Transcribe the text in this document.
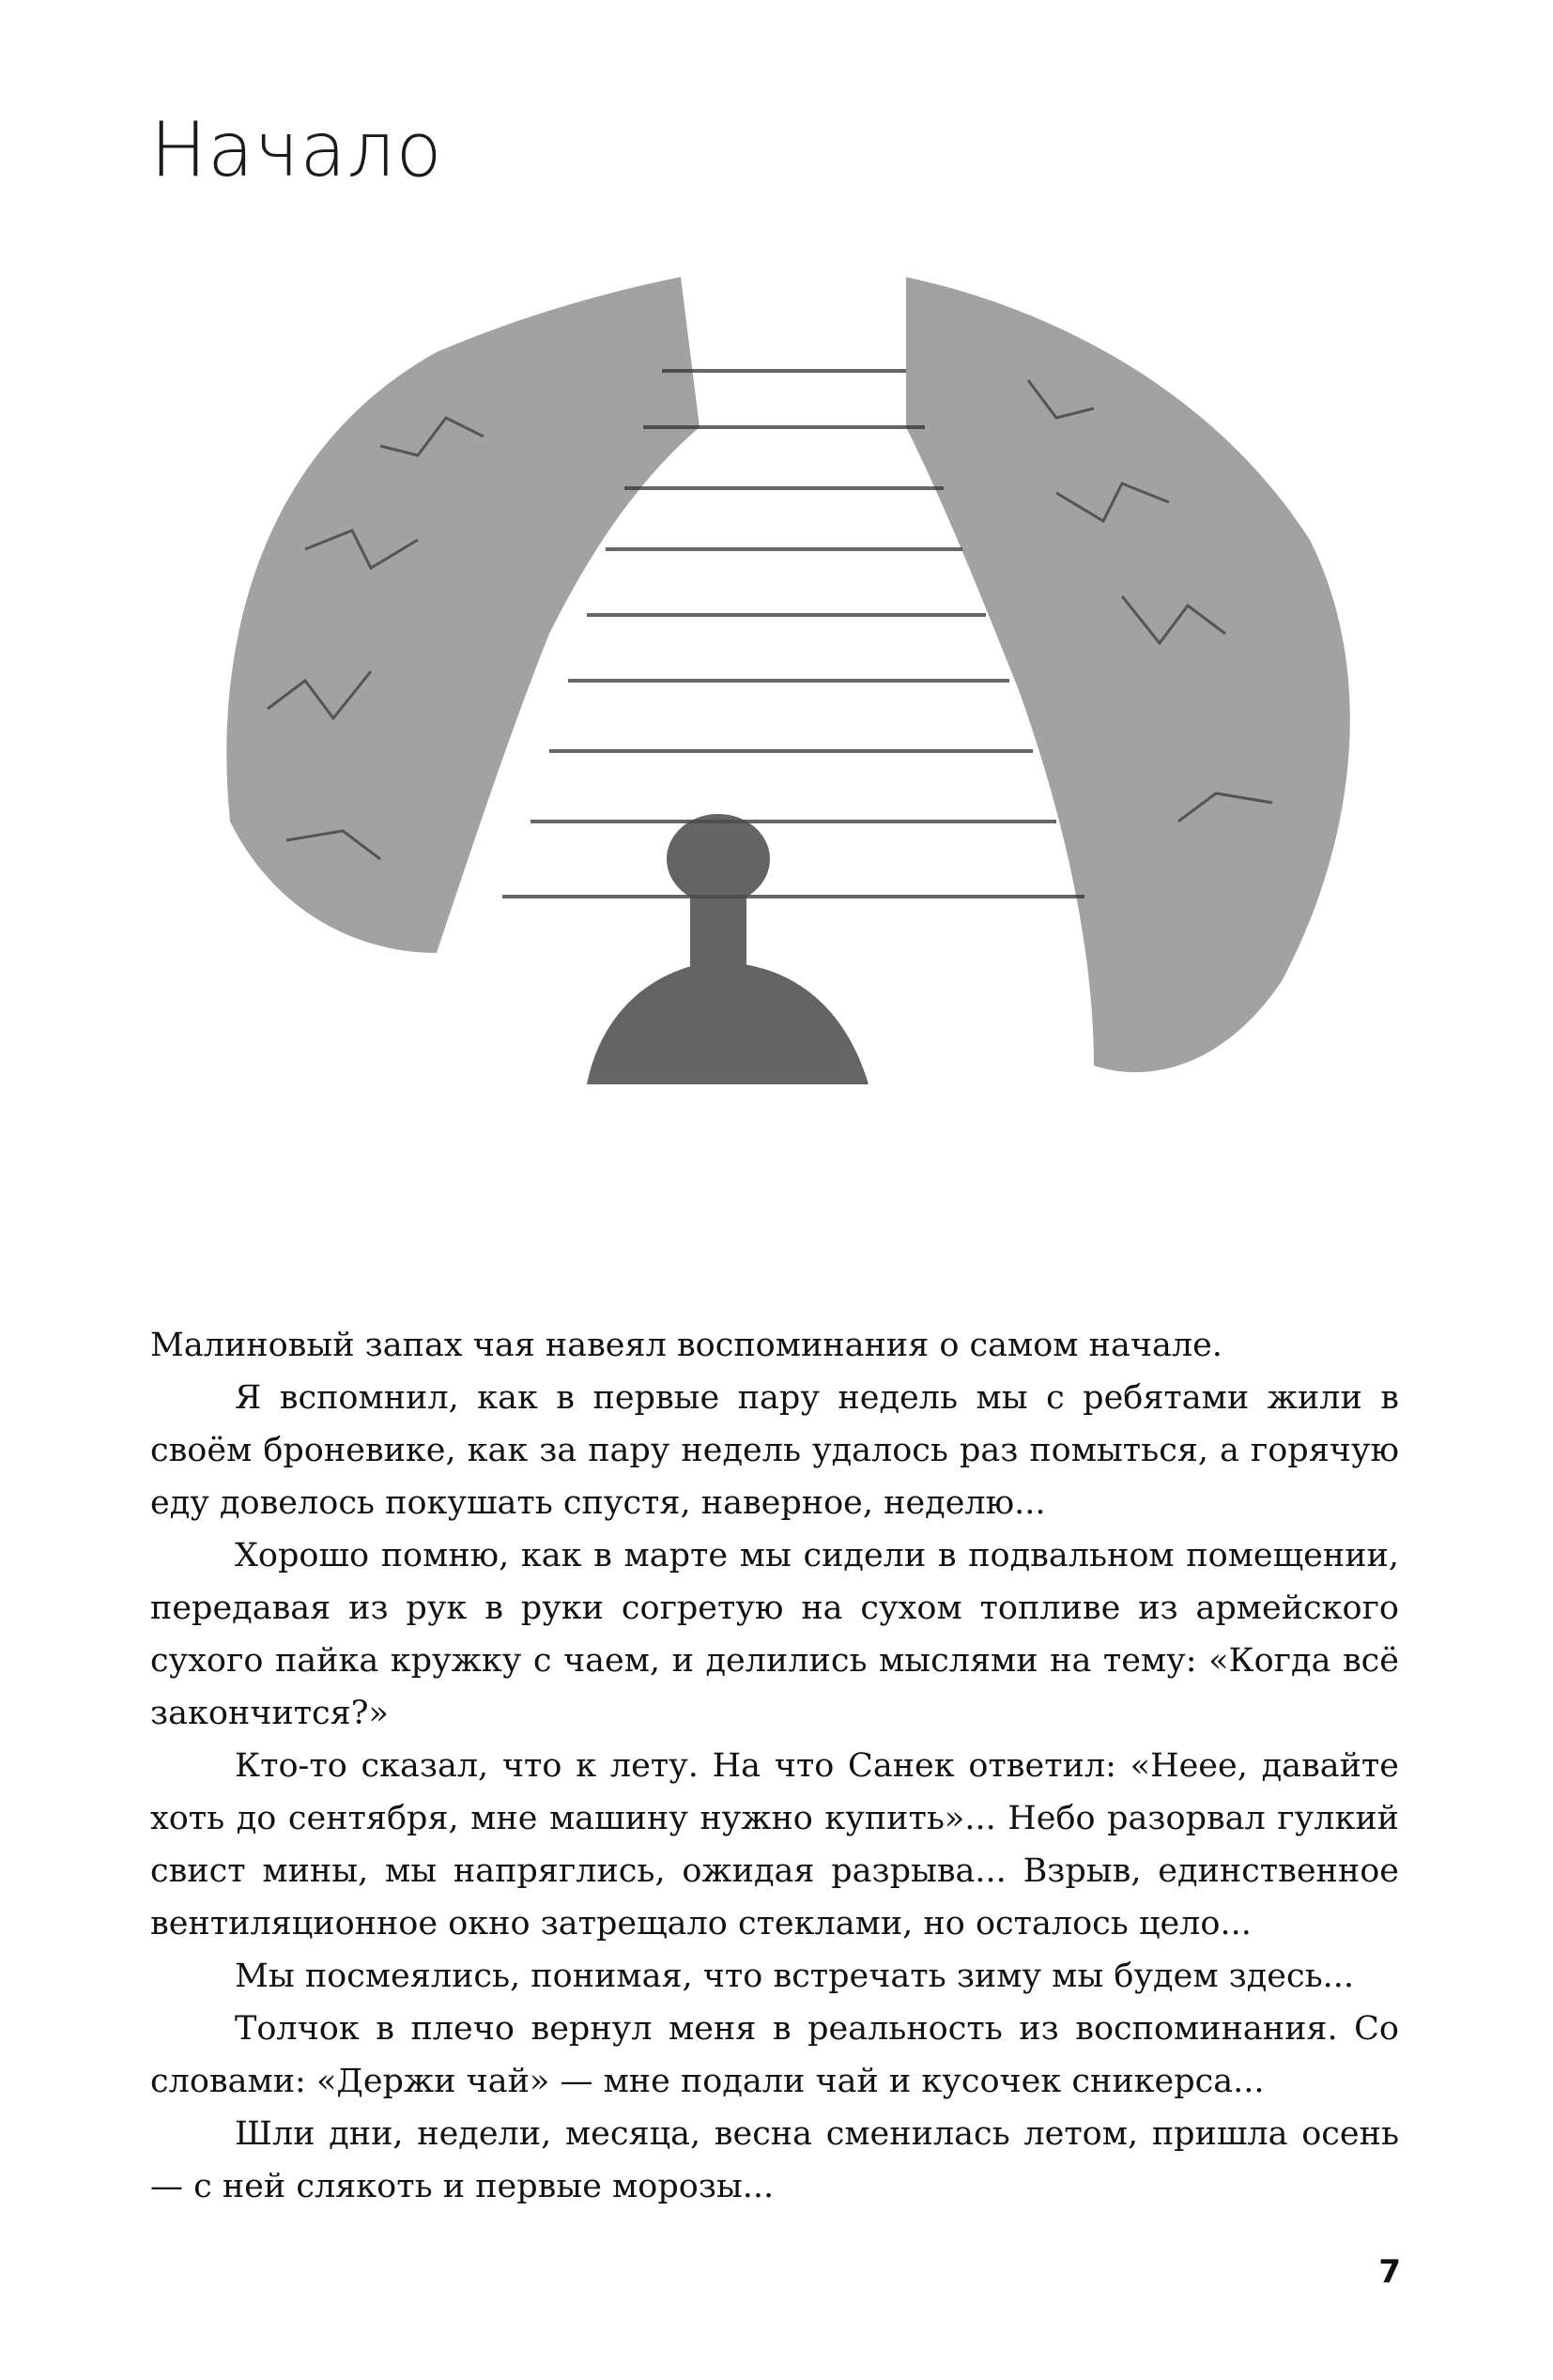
Начало

Малиновый запах чая навеял воспоминания о самом начале.

Я вспомнил, как в первые пару недель мы с ребятами жили в своём броневике, как за пару недель удалось раз помыться, а горячую еду довелось покушать спустя, наверное, неделю...

Хорошо помню, как в марте мы сидели в подвальном помещении, передавая из рук в руки согретую на сухом топливе из армейского сухого пайка кружку с чаем, и делились мыслями на тему: «Когда всё закончится?»

Кто-то сказал, что к лету. На что Санек ответил: «Нееe, давайте хоть до сентября, мне машину нужно купить»... Небо разорвал гулкий свист мины, мы напряглись, ожидая разрыва... Взрыв, единственное вентиляционное окно затрещало стеклами, но осталось цело...

Мы посмеялись, понимая, что встречать зиму мы будем здесь...

Толчок в плечо вернул меня в реальность из воспоминания. Со словами: «Держи чай» — мне подали чай и кусочек сникерса...

Шли дни, недели, месяца, весна сменилась летом, пришла осень — с ней слякоть и первые морозы...

7
